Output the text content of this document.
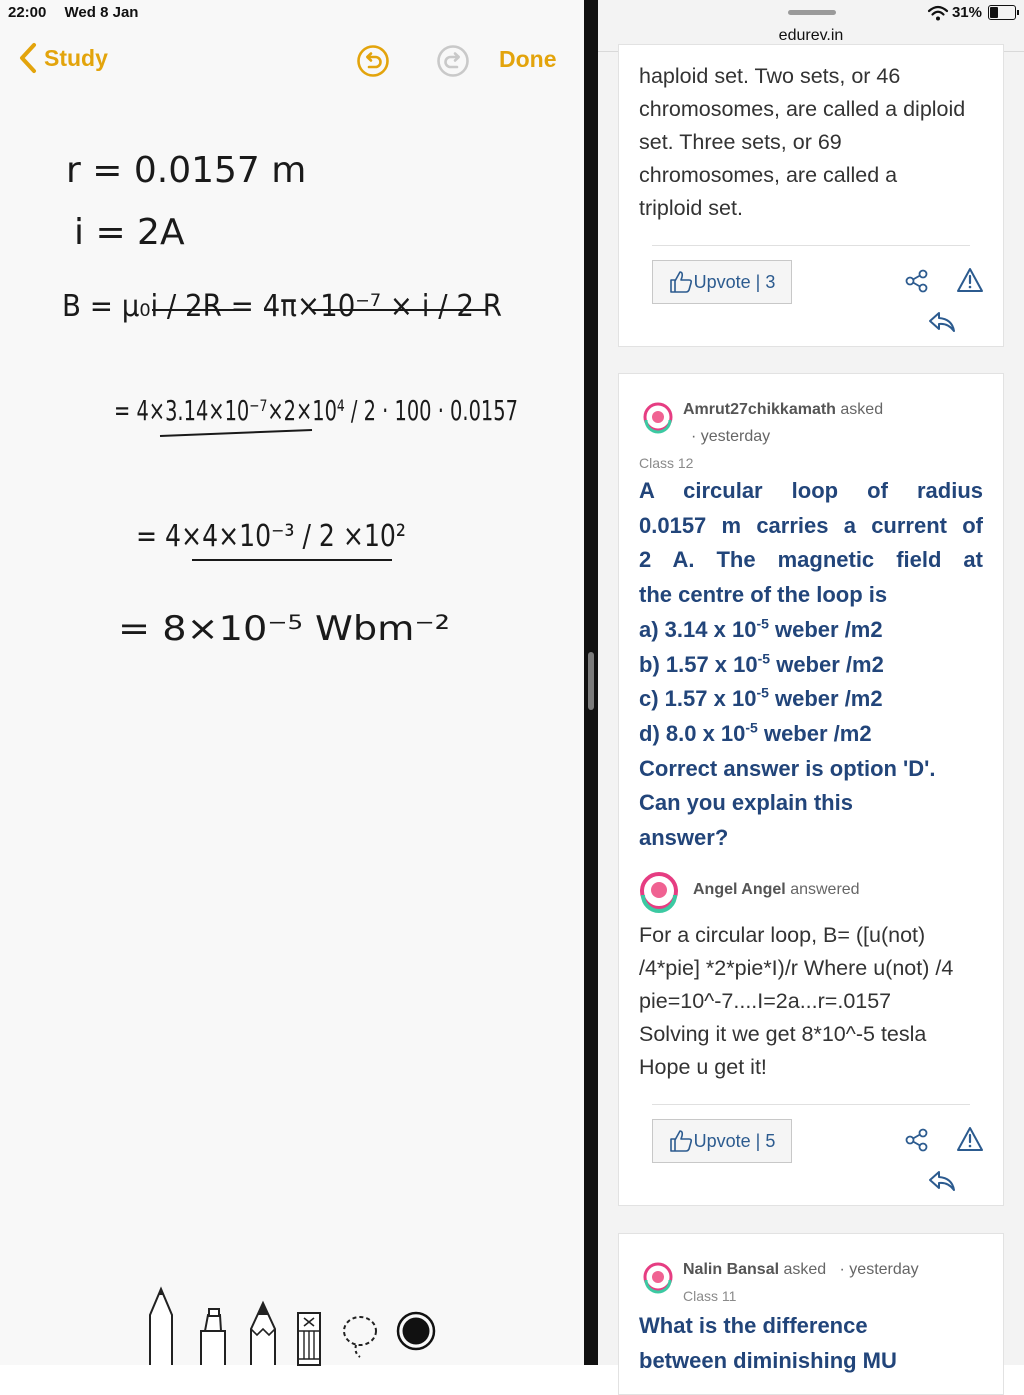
22:00 Wed 8 Jan
Study	Done
r = 0.0157 m
i = 2A
B = μ₀i / 2R = 4π×10⁻⁷ × i / 2 R
= 4×3.14×10⁻⁷×2×10⁴ / 2 · 100 · 0.0157
= 4×4×10⁻³ / 2 ×10²
= 8×10⁻⁵ Wbm⁻²
31%
edurev.in
haploid set. Two sets, or 46
chromosomes, are called a diploid
set. Three sets, or 69
chromosomes, are called a
triploid set.
Upvote | 3
Amrut27chikkamath asked
· yesterday
Class 12
A circular loop of radius
0.0157 m carries a current of
2 A. The magnetic field at
the centre of the loop is
a) 3.14 x $10^{-5}$ weber /m2
b) 1.57 x $10^{-5}$ weber /m2
c) 1.57 x $10^{-5}$ weber /m2
d) 8.0 x $10^{-5}$ weber /m2
Correct answer is option 'D'.
Can you explain this
answer?
Angel Angel answered
For a circular loop, B= ([u(not)
/4*pie] *2*pie*I)/r Where u(not) /4
pie=10^-7....I=2a...r=.0157
Solving it we get 8*10^-5 tesla
Hope u get it!
Upvote | 5
Nalin Bansal asked   · yesterday
Class 11
What is the difference
between diminishing MU
